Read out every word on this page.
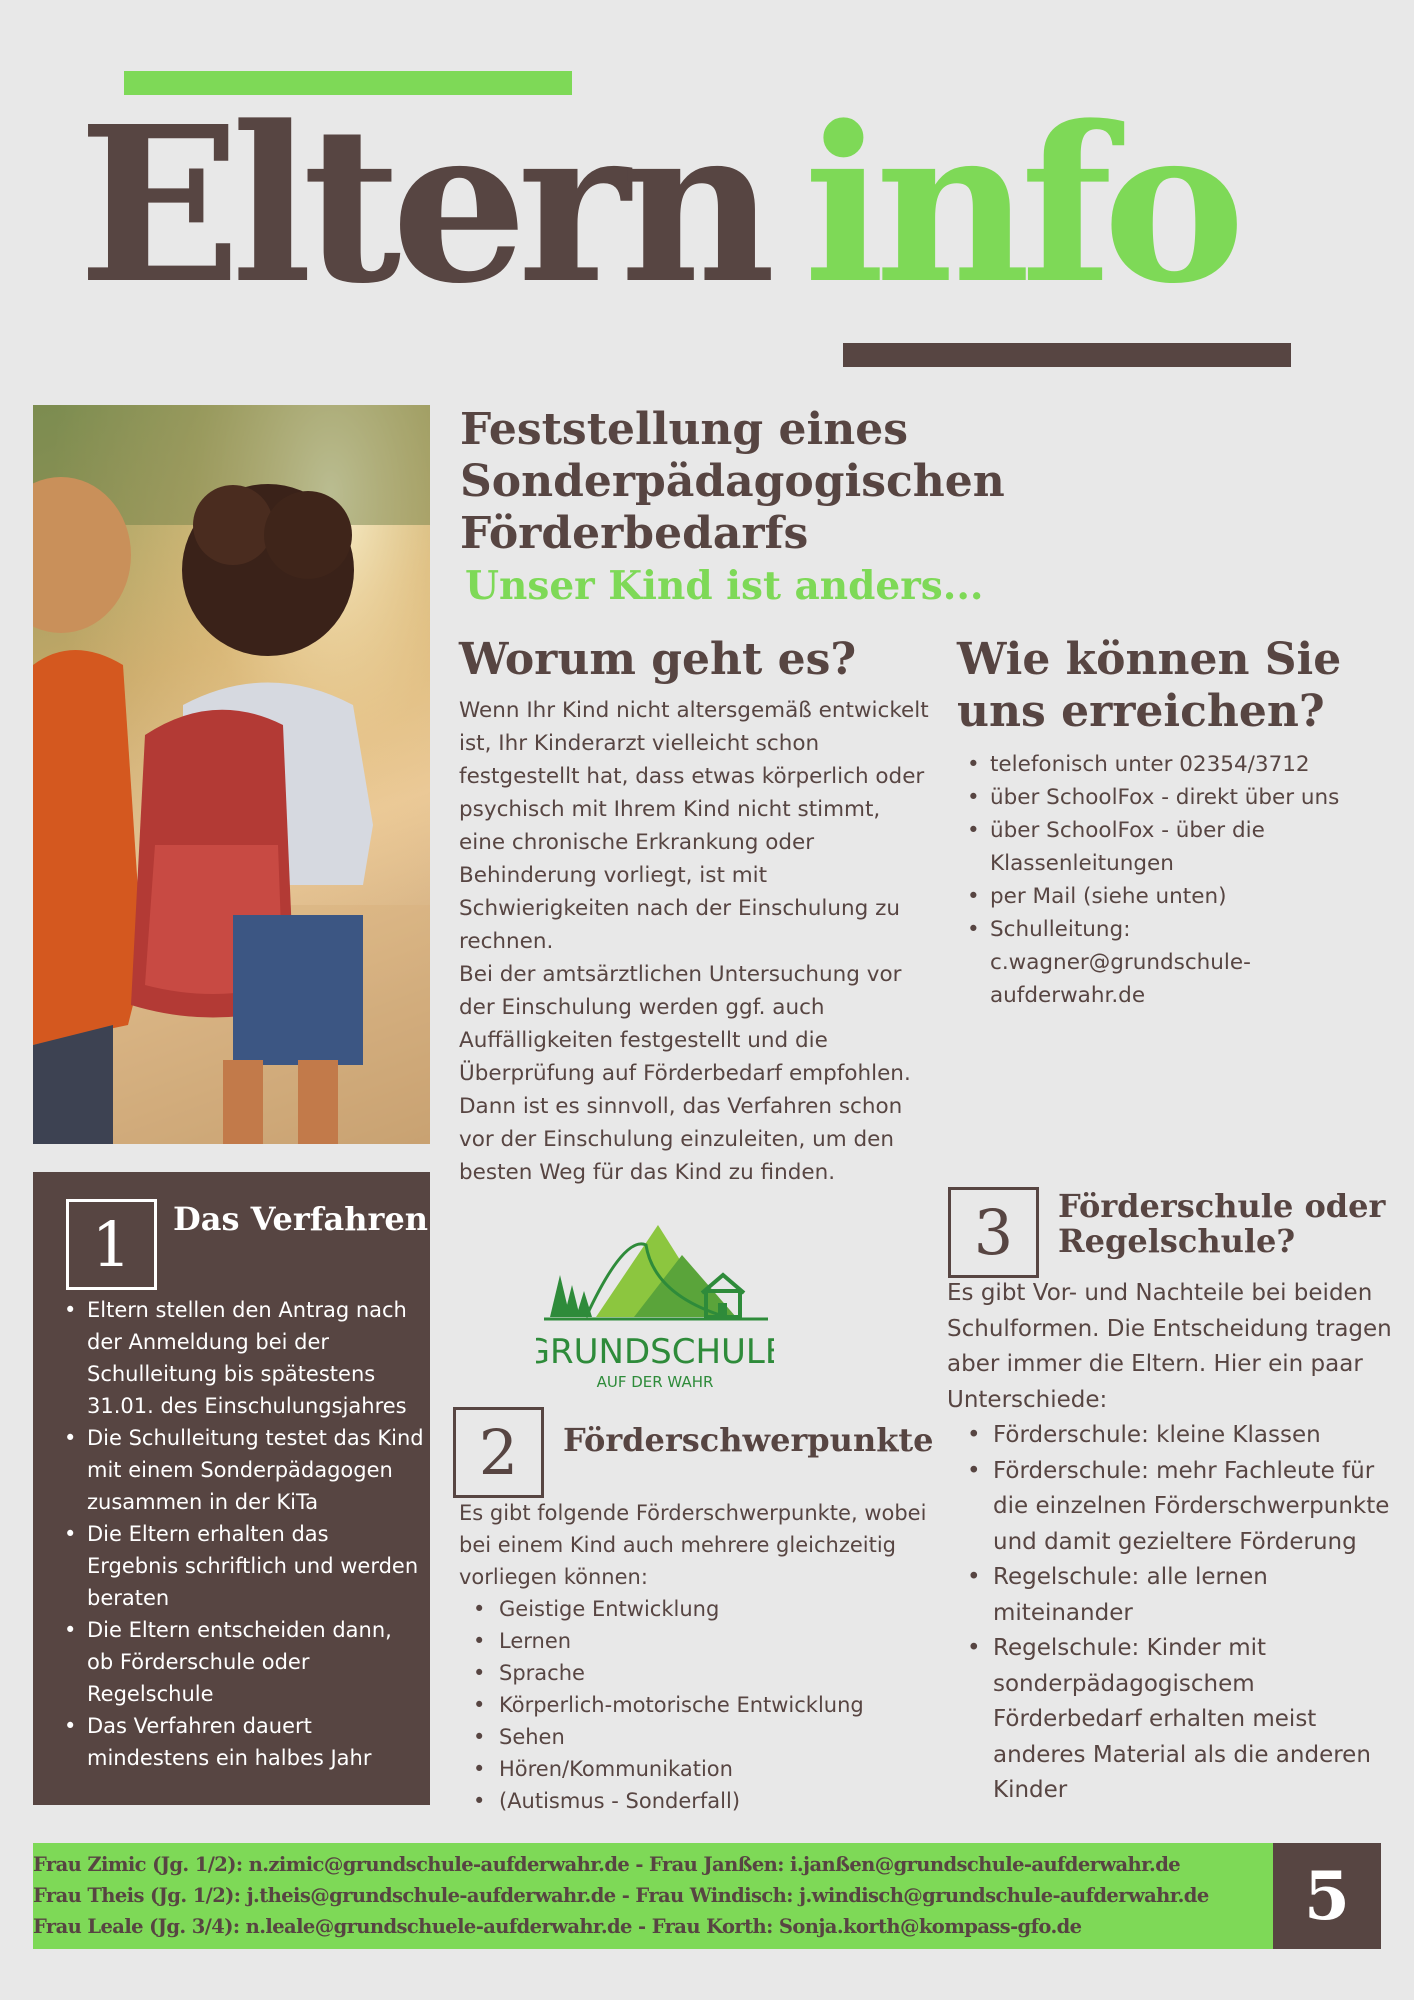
Eltern info
Feststellung eines
Sonderpädagogischen Förderbedarfs
Unser Kind ist anders...
Worum geht es?

Wenn Ihr Kind nicht altersgemäß entwickelt ist, Ihr Kinderarzt vielleicht schon festgestellt hat, dass etwas körperlich oder psychisch mit Ihrem Kind nicht stimmt, eine chronische Erkrankung oder Behinderung vorliegt, ist mit Schwierigkeiten nach der Einschulung zu rechnen.

Bei der amtsärztlichen Untersuchung vor der Einschulung werden ggf. auch Auffälligkeiten festgestellt und die Überprüfung auf Förderbedarf empfohlen. Dann ist es sinnvoll, das Verfahren schon vor der Einschulung einzuleiten, um den besten Weg für das Kind zu finden.

Wie können Sie
uns erreichen?
• telefonisch unter 02354/3712
• über SchoolFox - direkt über uns
• über SchoolFox - über die Klassenleitungen
• per Mail (siehe unten)
• Schulleitung: c.wagner@grundschule-aufderwahr.de
1	Das Verfahren
• Eltern stellen den Antrag nach der Anmeldung bei der Schulleitung bis spätestens 31.01. des Einschulungsjahres
• Die Schulleitung testet das Kind mit einem Sonderpädagogen zusammen in der KiTa
• Die Eltern erhalten das Ergebnis schriftlich und werden beraten
• Die Eltern entscheiden dann, ob Förderschule oder Regelschule
• Das Verfahren dauert mindestens ein halbes Jahr
GRUNDSCHULE
AUF DER WAHR
2	Förderschwerpunkte
Es gibt folgende Förderschwerpunkte, wobei bei einem Kind auch mehrere gleichzeitig vorliegen können:
• Geistige Entwicklung
• Lernen
• Sprache
• Körperlich-motorische Entwicklung
• Sehen
• Hören/Kommunikation
• (Autismus - Sonderfall)
3	Förderschule oder Regelschule?
Es gibt Vor- und Nachteile bei beiden Schulformen. Die Entscheidung tragen aber immer die Eltern. Hier ein paar Unterschiede:
• Förderschule: kleine Klassen
• Förderschule: mehr Fachleute für die einzelnen Förderschwerpunkte und damit gezieltere Förderung
• Regelschule: alle lernen miteinander
• Regelschule: Kinder mit sonderpädagogischem Förderbedarf erhalten meist anderes Material als die anderen Kinder
Frau Zimic (Jg. 1/2): n.zimic@grundschule-aufderwahr.de - Frau Janßen: i.janßen@grundschule-aufderwahr.de
Frau Theis (Jg. 1/2): j.theis@grundschule-aufderwahr.de - Frau Windisch: j.windisch@grundschule-aufderwahr.de
Frau Leale (Jg. 3/4): n.leale@grundschuele-aufderwahr.de - Frau Korth: Sonja.korth@kompass-gfo.de	5
